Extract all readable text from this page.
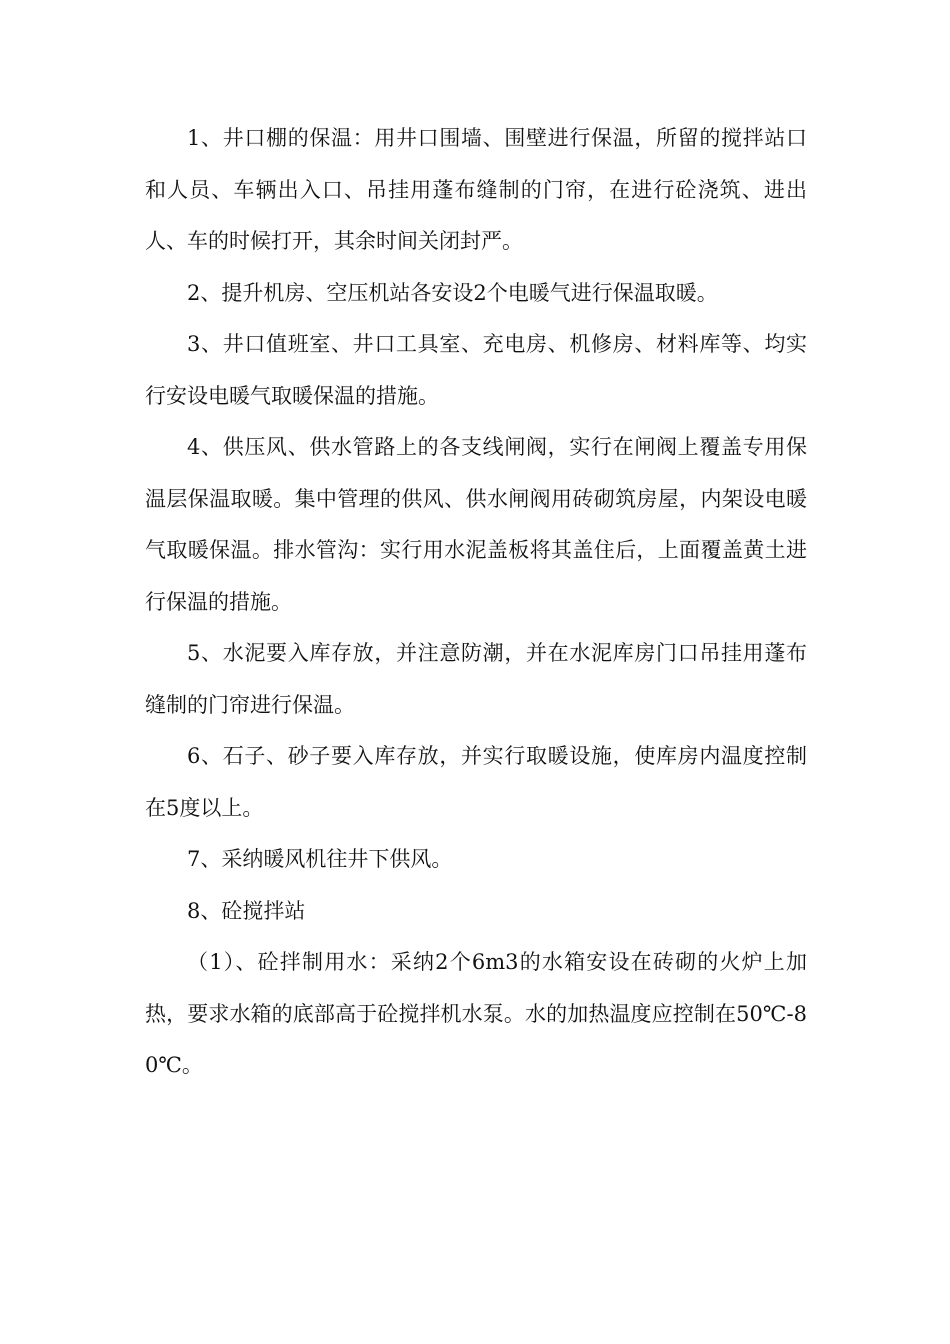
1、井口棚的保温：用井口围墙、围壁进行保温，所留的搅拌站口和人员、车辆出入口、吊挂用蓬布缝制的门帘，在进行砼浇筑、进出人、车的时候打开，其余时间关闭封严。

2、提升机房、空压机站各安设2个电暖气进行保温取暖。

3、井口值班室、井口工具室、充电房、机修房、材料库等、均实行安设电暖气取暖保温的措施。

4、供压风、供水管路上的各支线闸阀，实行在闸阀上覆盖专用保温层保温取暖。集中管理的供风、供水闸阀用砖砌筑房屋，内架设电暖气取暖保温。排水管沟：实行用水泥盖板将其盖住后，上面覆盖黄土进行保温的措施。

5、水泥要入库存放，并注意防潮，并在水泥库房门口吊挂用蓬布缝制的门帘进行保温。

6、石子、砂子要入库存放，并实行取暖设施，使库房内温度控制在5度以上。

7、采纳暖风机往井下供风。

8、砼搅拌站

（1）、砼拌制用水：采纳2个6m3的水箱安设在砖砌的火炉上加热，要求水箱的底部高于砼搅拌机水泵。水的加热温度应控制在50℃-80℃。
